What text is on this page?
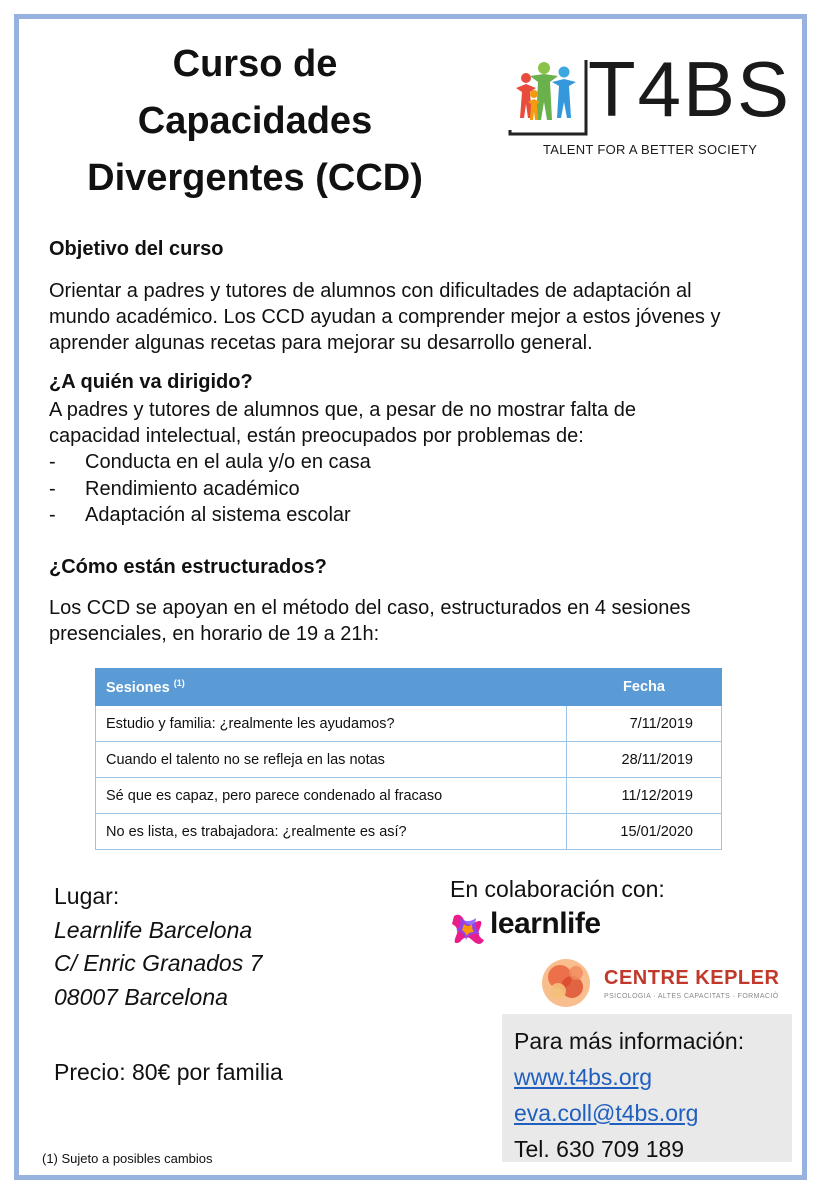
Curso de
Capacidades
Divergentes (CCD)
T4BS
TALENT FOR A BETTER SOCIETY
Objetivo del curso
Orientar a padres y tutores de alumnos con dificultades de adaptación al
mundo académico. Los CCD ayudan a comprender mejor a estos jóvenes y
aprender algunas recetas para mejorar su desarrollo general.
¿A quién va dirigido?
A padres y tutores de alumnos que, a pesar de no mostrar falta de
capacidad intelectual, están preocupados por problemas de:
- Conducta en el aula y/o en casa
- Rendimiento académico
- Adaptación al sistema escolar
¿Cómo están estructurados?
Los CCD se apoyan en el método del caso, estructurados en 4 sesiones
presenciales, en horario de 19 a 21h:
Sesiones $^{(1)}$	Fecha
Estudio y familia: ¿realmente les ayudamos?	7/11/2019
Cuando el talento no se refleja en las notas	28/11/2019
Sé que es capaz, pero parece condenado al fracaso	11/12/2019
No es lista, es trabajadora: ¿realmente es así?	15/01/2020
Lugar:
Learnlife Barcelona
C/ Enric Granados 7
08007 Barcelona
Precio: 80€ por familia
En colaboración con:
learnlife
CENTRE KEPLER
PSICOLOGIA · ALTES CAPACITATS · FORMACIÓ
Para más información:
www.t4bs.org
eva.coll@t4bs.org
Tel. 630 709 189
(1) Sujeto a posibles cambios
